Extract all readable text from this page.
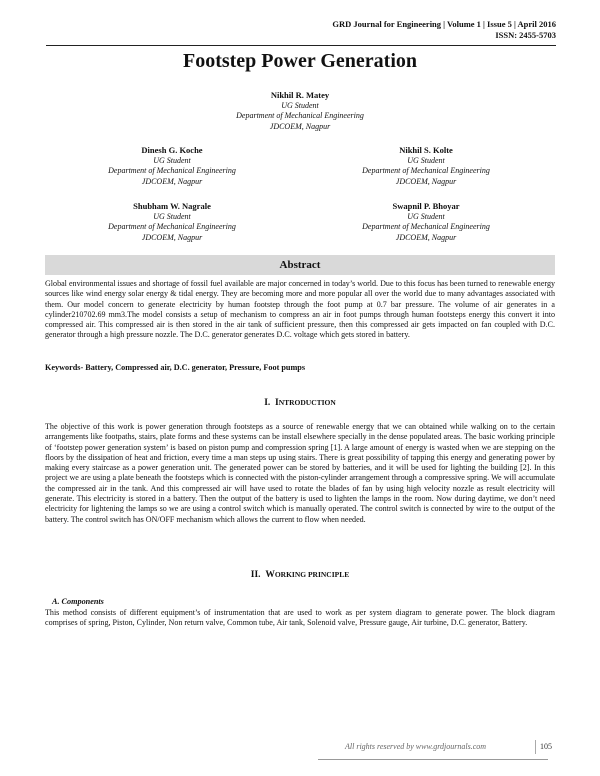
GRD Journal for Engineering | Volume 1 | Issue 5 | April 2016
ISSN: 2455-5703
Footstep Power Generation
Nikhil R. Matey
UG Student
Department of Mechanical Engineering
JDCOEM, Nagpur
Dinesh G. Koche
UG Student
Department of Mechanical Engineering
JDCOEM, Nagpur
Nikhil S. Kolte
UG Student
Department of Mechanical Engineering
JDCOEM, Nagpur
Shubham W. Nagrale
UG Student
Department of Mechanical Engineering
JDCOEM, Nagpur
Swapnil P. Bhoyar
UG Student
Department of Mechanical Engineering
JDCOEM, Nagpur
Abstract
Global environmental issues and shortage of fossil fuel available are major concerned in today’s world. Due to this focus has been turned to renewable energy sources like wind energy solar energy & tidal energy. They are becoming more and more popular all over the world due to many advantages associated with them. Our model concern to generate electricity by human footstep through the foot pump at 0.7 bar pressure. The volume of air generates in a cylinder210702.69 mm3.The model consists a setup of mechanism to compress an air in foot pumps through human footsteps energy this convert it into compressed air. This compressed air is then stored in the air tank of sufficient pressure, then this compressed air gets impacted on fan coupled with D.C. generator through a high pressure nozzle. The D.C. generator generates D.C. voltage which gets stored in battery.
Keywords- Battery, Compressed air, D.C. generator, Pressure, Foot pumps
I.  INTRODUCTION
The objective of this work is power generation through footsteps as a source of renewable energy that we can obtained while walking on to the certain arrangements like footpaths, stairs, plate forms and these systems can be install elsewhere specially in the dense populated areas. The basic working principle of ‘footstep power generation system’ is based on piston pump and compression spring [1]. A large amount of energy is wasted when we are stepping on the floors by the dissipation of heat and friction, every time a man steps up using stairs. There is great possibility of tapping this energy and generating power by making every staircase as a power generation unit. The generated power can be stored by batteries, and it will be used for lighting the building [2]. In this project we are using a plate beneath the footsteps which is connected with the piston-cylinder arrangement through a compressive spring. We will accumulate the compressed air in the tank. And this compressed air will have used to rotate the blades of fan by using high velocity nozzle as result electricity will generate. This electricity is stored in a battery. Then the output of the battery is used to lighten the lamps in the room. Now during daytime, we don’t need electricity for lightening the lamps so we are using a control switch which is manually operated. The control switch is connected by wire to the output of the battery. The control switch has ON/OFF mechanism which allows the current to flow when needed.
II.  WORKING PRINCIPLE
A. Components
This method consists of different equipment’s of instrumentation that are used to work as per system diagram to generate power. The block diagram comprises of spring, Piston, Cylinder, Non return valve, Common tube, Air tank, Solenoid valve, Pressure gauge, Air turbine, D.C. generator, Battery.
All rights reserved by www.grdjournals.com	105
